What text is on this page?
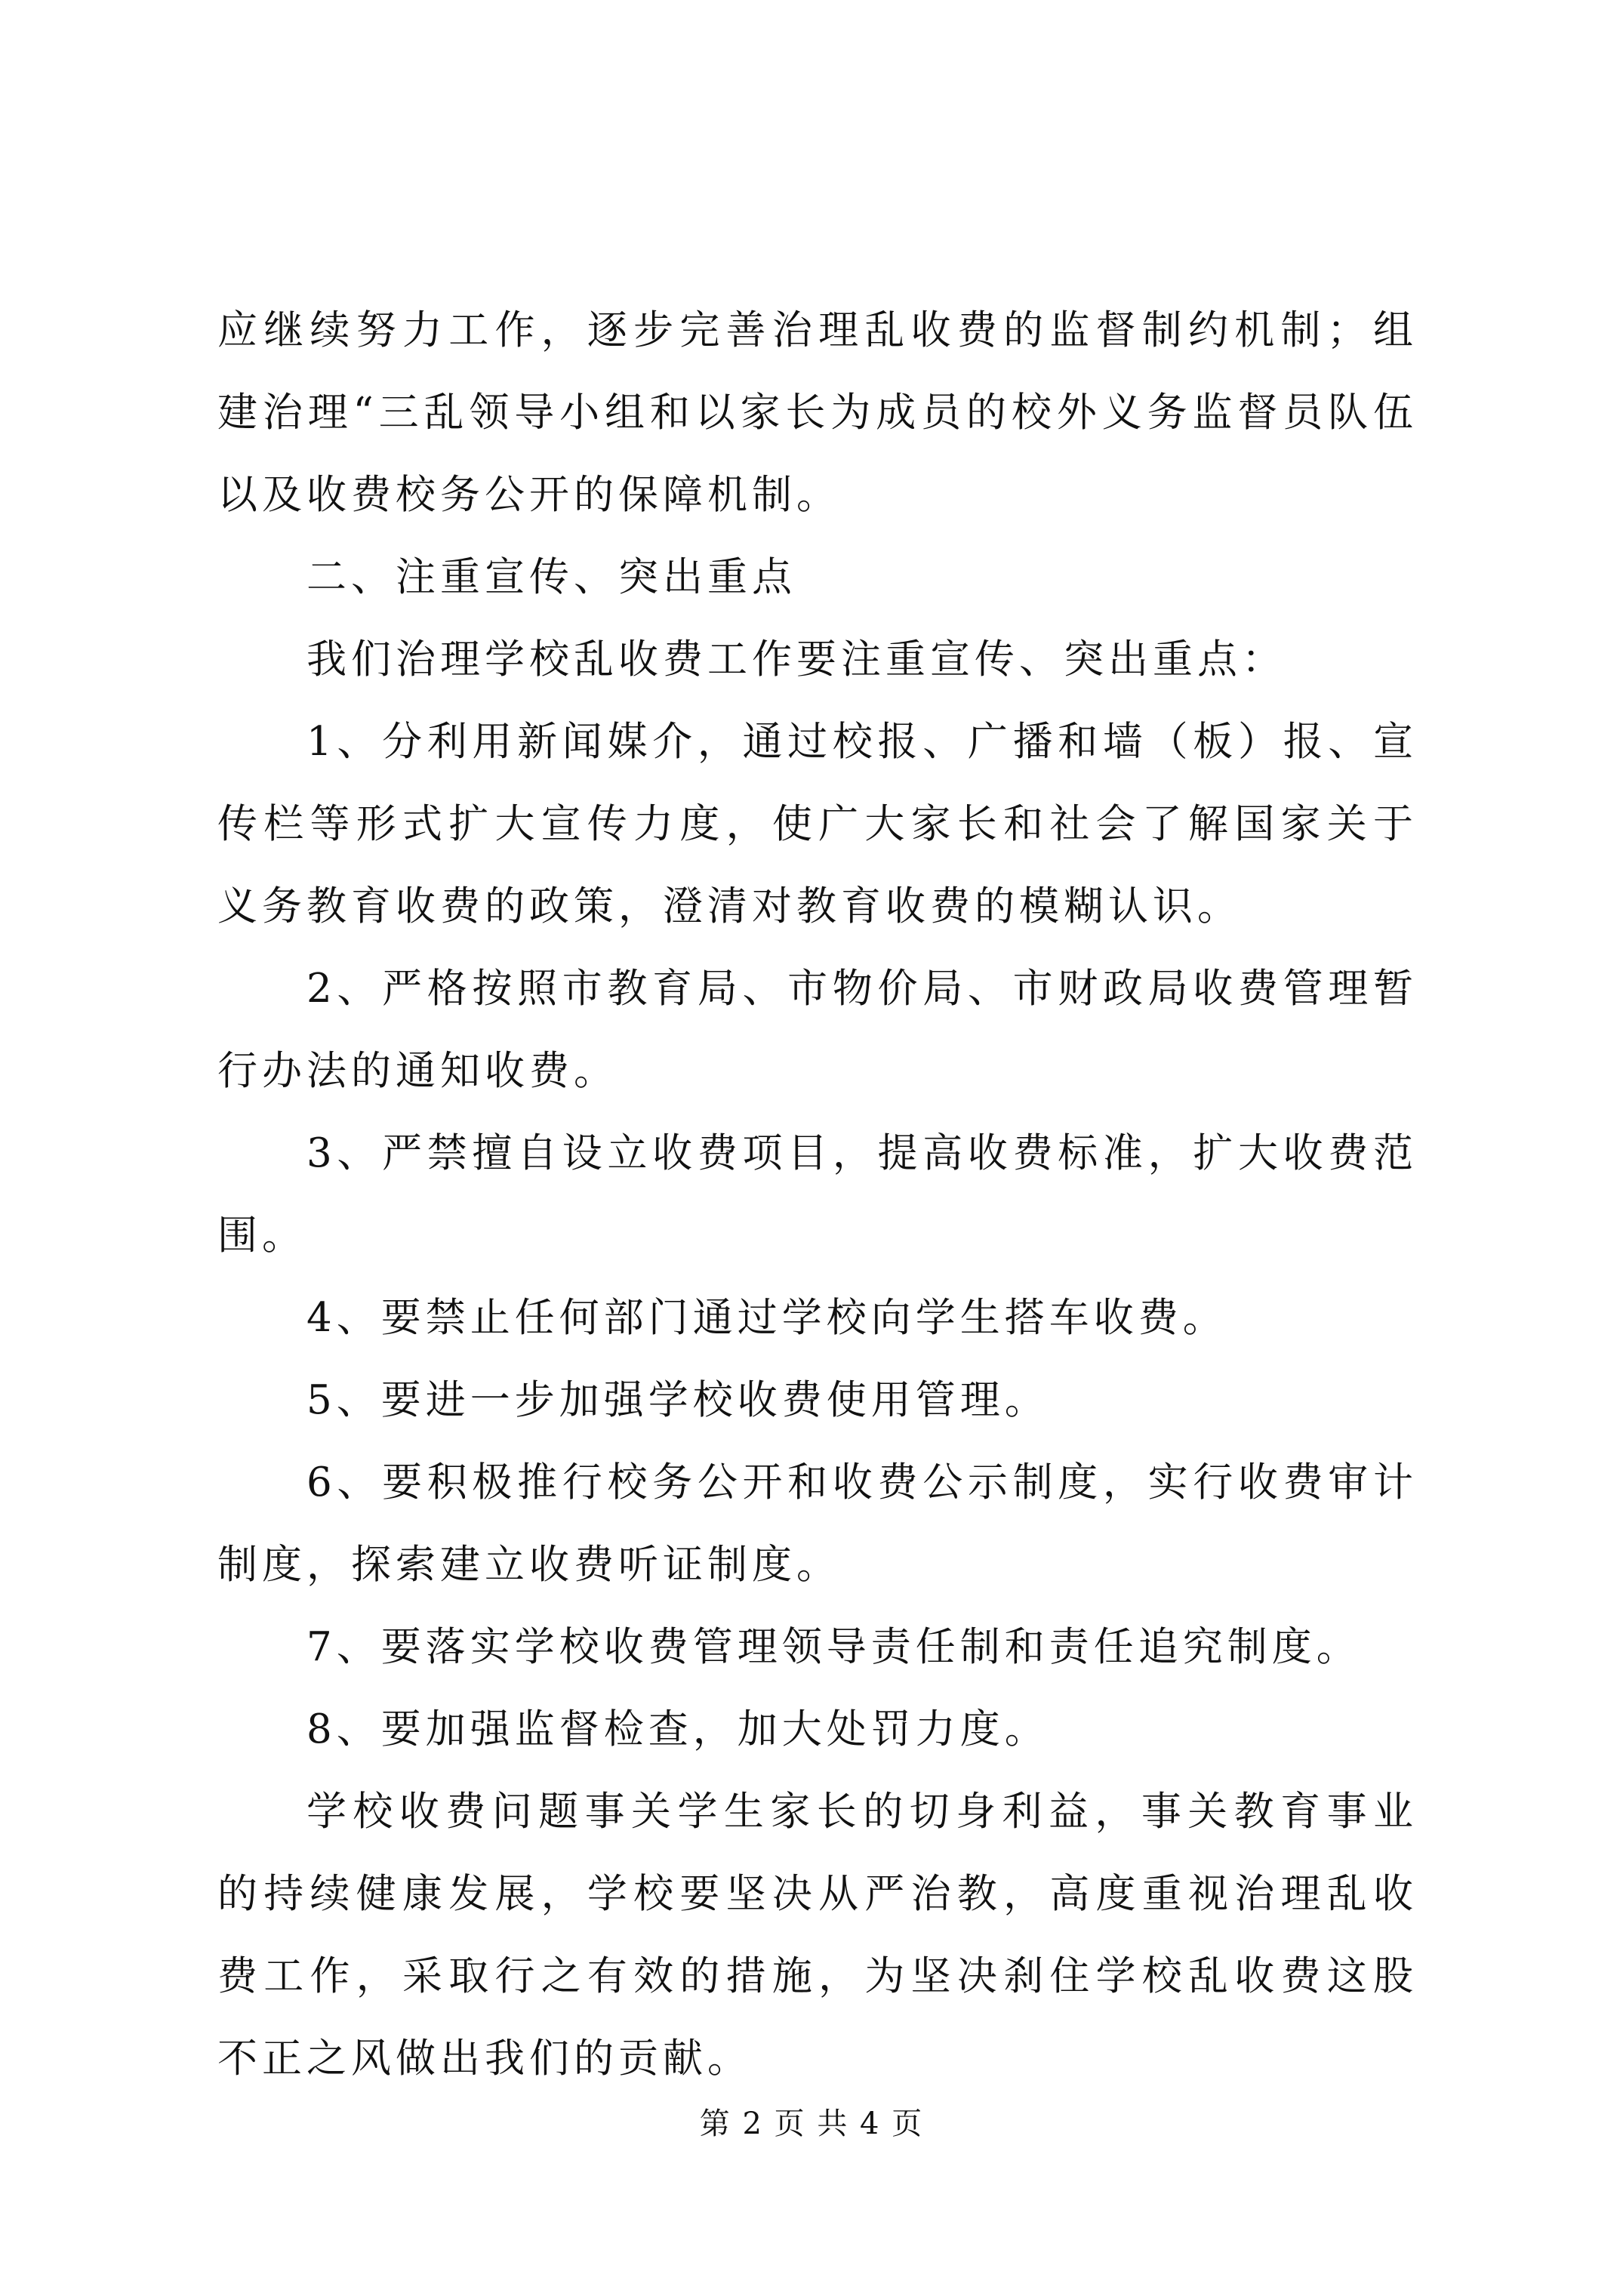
应继续努力工作，逐步完善治理乱收费的监督制约机制；组建治理“三乱领导小组和以家长为成员的校外义务监督员队伍以及收费校务公开的保障机制。

二、注重宣传、突出重点

我们治理学校乱收费工作要注重宣传、突出重点：

1、分利用新闻媒介，通过校报、广播和墙（板）报、宣传栏等形式扩大宣传力度，使广大家长和社会了解国家关于义务教育收费的政策，澄清对教育收费的模糊认识。

2、严格按照市教育局、市物价局、市财政局收费管理暂行办法的通知收费。

3、严禁擅自设立收费项目，提高收费标准，扩大收费范围。

4、要禁止任何部门通过学校向学生搭车收费。

5、要进一步加强学校收费使用管理。

6、要积极推行校务公开和收费公示制度，实行收费审计制度，探索建立收费听证制度。

7、要落实学校收费管理领导责任制和责任追究制度。

8、要加强监督检查，加大处罚力度。

学校收费问题事关学生家长的切身利益，事关教育事业的持续健康发展，学校要坚决从严治教，高度重视治理乱收费工作，采取行之有效的措施，为坚决刹住学校乱收费这股不正之风做出我们的贡献。

第 2 页 共 4 页
